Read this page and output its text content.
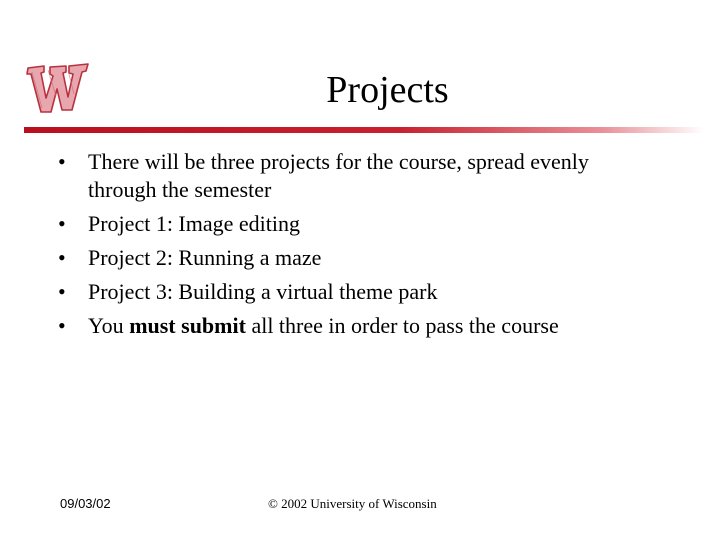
Projects
•	There will be three projects for the course, spread evenly through the semester
•	Project 1: Image editing
•	Project 2: Running a maze
•	Project 3: Building a virtual theme park
•	You must submit all three in order to pass the course
09/03/02	© 2002 University of Wisconsin
